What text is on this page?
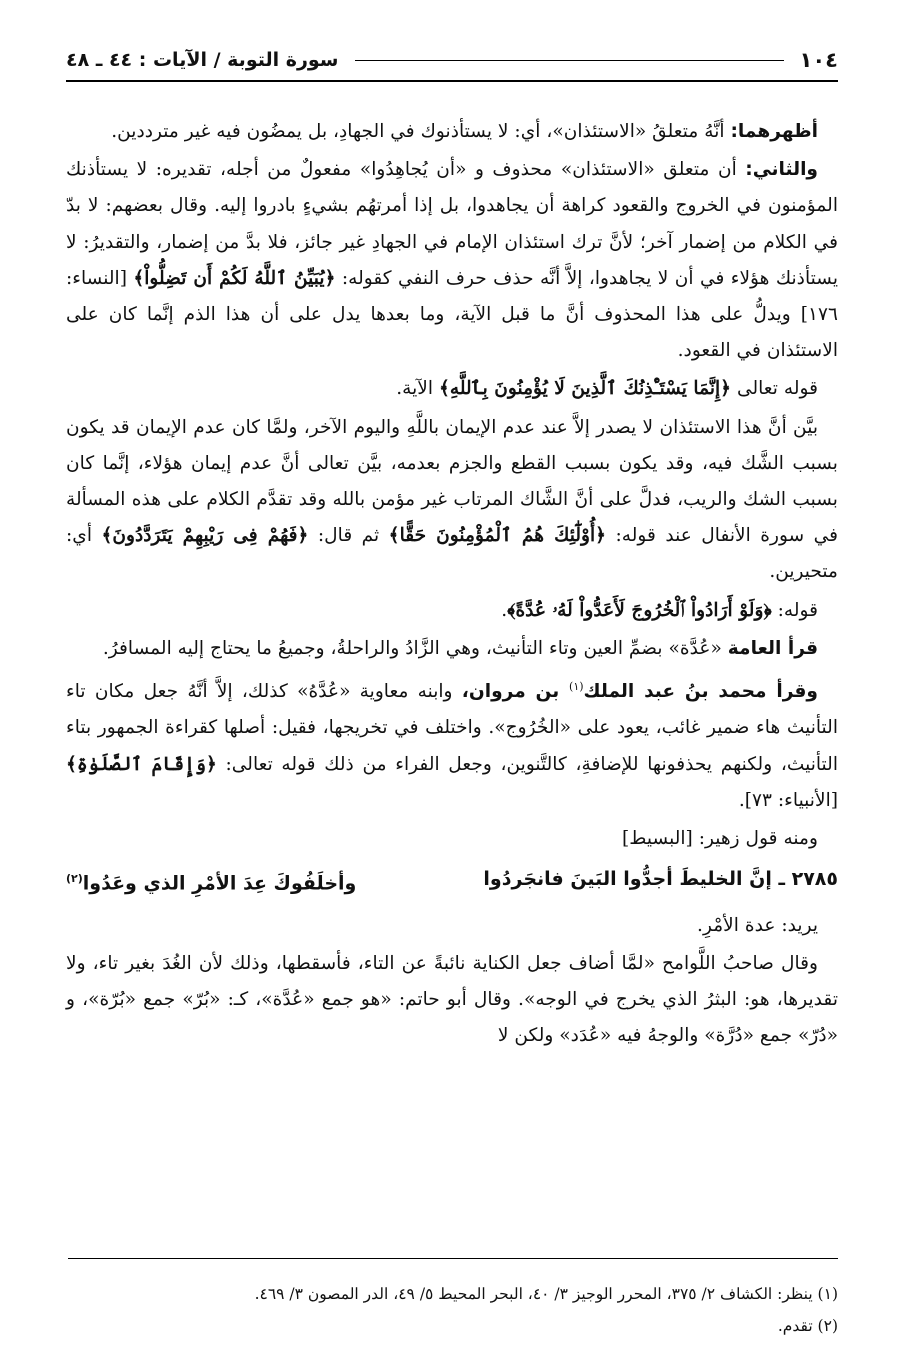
١٠٤
سورة التوبة / الآيات : ٤٤ ـ ٤٨

أظهرهما: أنَّهُ متعلقُ «الاستئذان»، أي: لا يستأذنوك في الجهادِ، بل يمضُون فيه غير مترددين.

والثاني: أن متعلق «الاستئذان» محذوف و «أن يُجاهِدُوا» مفعولٌ من أجله، تقديره: لا يستأذنك المؤمنون في الخروج والقعود كراهة أن يجاهدوا، بل إذا أمرتهُم بشيءٍ بادروا إليه. وقال بعضهم: لا بدّ في الكلام من إضمار آخر؛ لأنَّ ترك استئذان الإمام في الجهادِ غير جائز، فلا بدَّ من إضمار، والتقديرُ: لا يستأذنك هؤلاء في أن لا يجاهدوا، إلاَّ أنَّه حذف حرف النفي كقوله: ﴿يُبَيِّنُ ٱللَّهُ لَكُمْ أَن تَضِلُّواْ﴾ [النساء: ١٧٦] ويدلُّ على هذا المحذوف أنَّ ما قبل الآية، وما بعدها يدل على أن هذا الذم إنَّما كان على الاستئذان في القعود.

قوله تعالى ﴿إِنَّمَا يَسْتَـْٔذِنُكَ ٱلَّذِينَ لَا يُؤْمِنُونَ بِٱللَّهِ﴾ الآية.

بيَّن أنَّ هذا الاستئذان لا يصدر إلاَّ عند عدم الإيمان باللَّهِ واليوم الآخر، ولمَّا كان عدم الإيمان قد يكون بسبب الشَّك فيه، وقد يكون بسبب القطع والجزم بعدمه، بيَّن تعالى أنَّ عدم إيمان هؤلاء، إنَّما كان بسبب الشك والريب، فدلَّ على أنَّ الشَّاك المرتاب غير مؤمن بالله وقد تقدَّم الكلام على هذه المسألة في سورة الأنفال عند قوله: ﴿أُوْلَٰٓئِكَ هُمُ ٱلْمُؤْمِنُونَ حَقًّا﴾ ثم قال: ﴿فَهُمْ فِى رَيْبِهِمْ يَتَرَدَّدُونَ﴾ أي: متحيرين.

قوله: ﴿وَلَوْ أَرَادُواْ ٱلْخُرُوجَ لَأَعَدُّواْ لَهُۥ عُدَّةً﴾.

قرأ العامة «عُدَّة» بضمِّ العين وتاء التأنيث، وهي الزَّادُ والراحلةُ، وجميعُ ما يحتاج إليه المسافرُ.

وقرأ محمد بنُ عبد الملك$^{(١)}$ بن مروان، وابنه معاوية «عُدَّهُ» كذلك، إلاَّ أنَّهُ جعل مكان تاء التأنيث هاء ضمير غائب، يعود على «الخُرُوج». واختلف في تخريجها، فقيل: أصلها كقراءة الجمهور بتاء التأنيث، ولكنهم يحذفونها للإضافةِ، كالتَّنوين، وجعل الفراء من ذلك قوله تعالى: ﴿وَإِقَامَ ٱلصَّلَوٰةِ﴾ [الأنبياء: ٧٣].

ومنه قول زهير: [البسيط]

٢٧٨٥ ـ إنَّ الخليطَ أجدُّوا البَينَ فانجَردُوا
وأخلَفُوكَ عِدَ الأمْرِ الذي وعَدُوا$^{(٢)}$

يريد: عدة الأمْرِ.

وقال صاحبُ اللَّوامح «لمَّا أضاف جعل الكناية نائبةً عن التاء، فأسقطها، وذلك لأن الغُدَ بغير تاء، ولا تقديرها، هو: البثرُ الذي يخرج في الوجه». وقال أبو حاتم: «هو جمع «عُدَّة»، كـ: «بُرّ» جمع «بُرّة»، و «دُرّ» جمع «دُرَّة» والوجهُ فيه «عُدَد» ولكن لا

(١) ينظر: الكشاف ٢/ ٣٧٥، المحرر الوجيز ٣/ ٤٠، البحر المحيط ٥/ ٤٩، الدر المصون ٣/ ٤٦٩.
(٢) تقدم.
